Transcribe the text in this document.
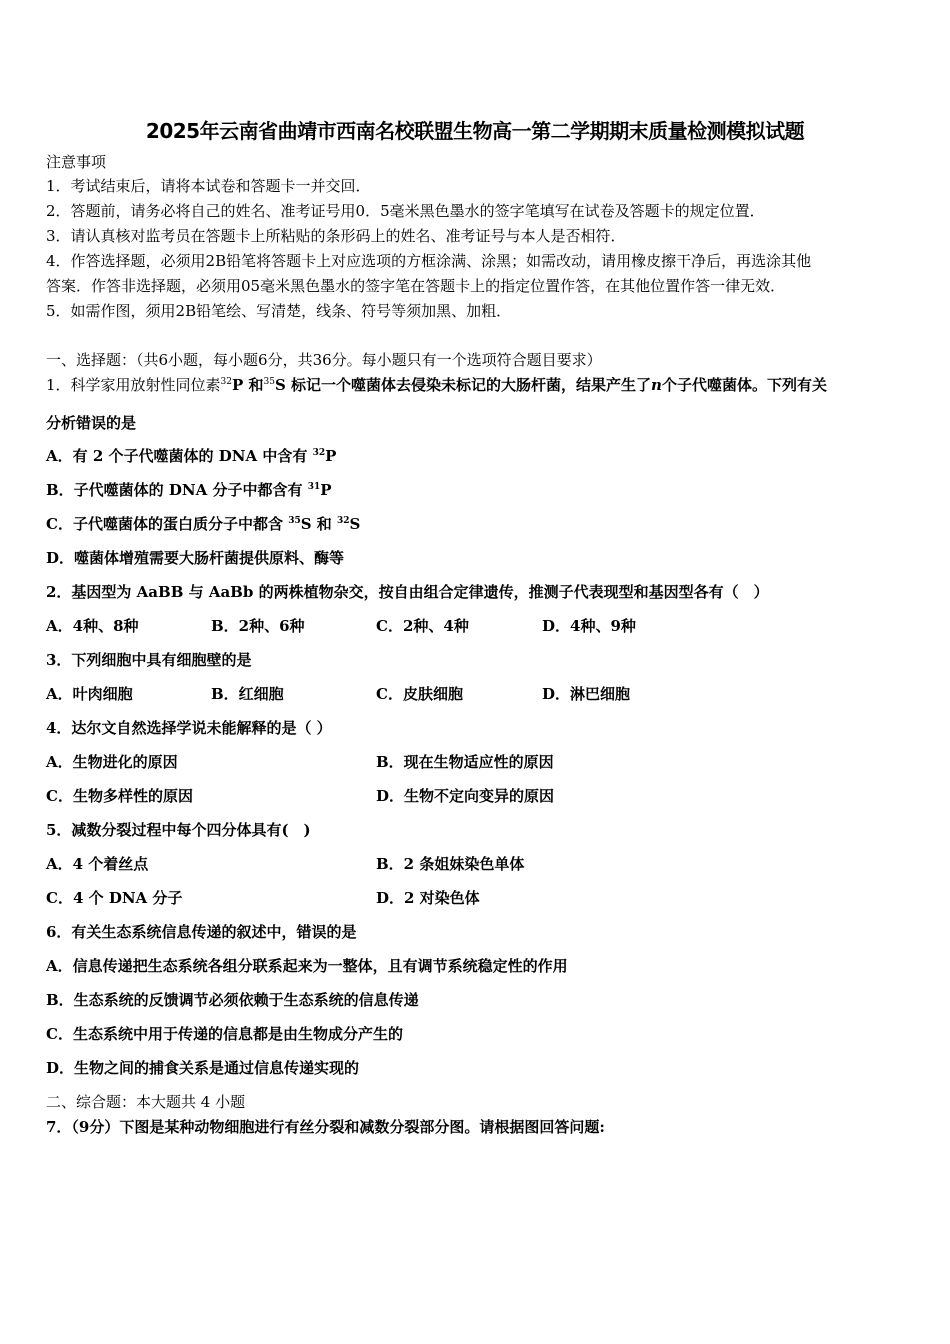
2025年云南省曲靖市西南名校联盟生物高一第二学期期末质量检测模拟试题
注意事项
1．考试结束后，请将本试卷和答题卡一并交回．
2．答题前，请务必将自己的姓名、准考证号用0．5毫米黑色墨水的签字笔填写在试卷及答题卡的规定位置．
3．请认真核对监考员在答题卡上所粘贴的条形码上的姓名、准考证号与本人是否相符．
4．作答选择题，必须用2B铅笔将答题卡上对应选项的方框涂满、涂黑；如需改动，请用橡皮擦干净后，再选涂其他
答案．作答非选择题，必须用05毫米黑色墨水的签字笔在答题卡上的指定位置作答，在其他位置作答一律无效．
5．如需作图，须用2B铅笔绘、写清楚，线条、符号等须加黑、加粗．
一、选择题：（共6小题，每小题6分，共36分。每小题只有一个选项符合题目要求）
1．科学家用放射性同位素$^{32}$P 和$^{35}$S 标记一个噬菌体去侵染未标记的大肠杆菌，结果产生了n个子代噬菌体。下列有关
分析错误的是
A．有 2 个子代噬菌体的 DNA 中含有 $^{32}$P
B．子代噬菌体的 DNA 分子中都含有 $^{31}$P
C．子代噬菌体的蛋白质分子中都含 $^{35}$S 和 $^{32}$S
D．噬菌体增殖需要大肠杆菌提供原料、酶等
2．基因型为 AaBB 与 AaBb 的两株植物杂交，按自由组合定律遗传，推测子代表现型和基因型各有（　）
A．4种、8种	B．2种、6种	C．2种、4种	D．4种、9种
3．下列细胞中具有细胞壁的是
A．叶肉细胞	B．红细胞	C．皮肤细胞	D．淋巴细胞
4．达尔文自然选择学说未能解释的是（ ）
A．生物进化的原因	B．现在生物适应性的原因
C．生物多样性的原因	D．生物不定向变异的原因
5．减数分裂过程中每个四分体具有(　)
A．4 个着丝点	B．2 条姐妹染色单体
C．4 个 DNA 分子	D．2 对染色体
6．有关生态系统信息传递的叙述中，错误的是
A．信息传递把生态系统各组分联系起来为一整体，且有调节系统稳定性的作用
B．生态系统的反馈调节必须依赖于生态系统的信息传递
C．生态系统中用于传递的信息都是由生物成分产生的
D．生物之间的捕食关系是通过信息传递实现的
二、综合题：本大题共 4 小题
7．（9分）下图是某种动物细胞进行有丝分裂和减数分裂部分图。请根据图回答问题:
